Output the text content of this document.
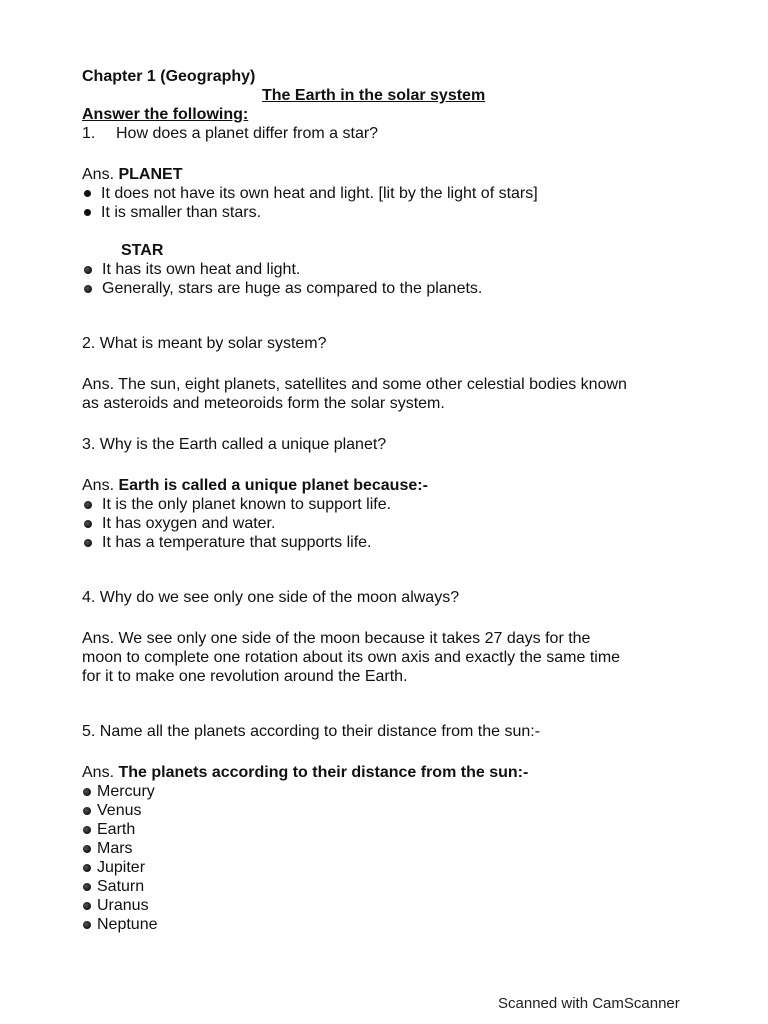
Chapter 1 (Geography)
The Earth in the solar system
Answer the following:
1. How does a planet differ from a star?
Ans. PLANET
It does not have its own heat and light. [lit by the light of stars]
It is smaller than stars.
STAR
It has its own heat and light.
Generally, stars are huge as compared to the planets.
2. What is meant by solar system?
Ans. The sun, eight planets, satellites and some other celestial bodies known
as asteroids and meteoroids form the solar system.
3. Why is the Earth called a unique planet?
Ans. Earth is called a unique planet because:-
It is the only planet known to support life.
It has oxygen and water.
It has a temperature that supports life.
4. Why do we see only one side of the moon always?
Ans. We see only one side of the moon because it takes 27 days for the
moon to complete one rotation about its own axis and exactly the same time
for it to make one revolution around the Earth.
5. Name all the planets according to their distance from the sun:-
Ans. The planets according to their distance from the sun:-
Mercury
Venus
Earth
Mars
Jupiter
Saturn
Uranus
Neptune
Scanned with CamScanner
